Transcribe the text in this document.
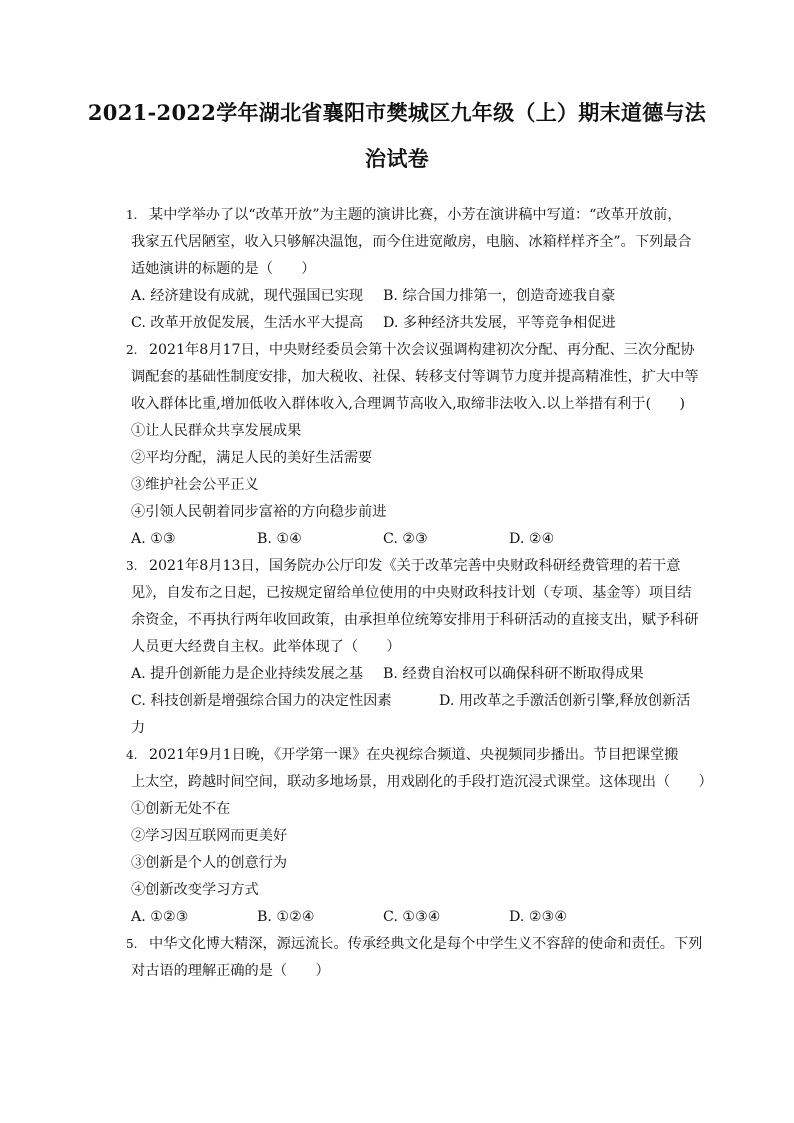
2021-2022学年湖北省襄阳市樊城区九年级（上）期末道德与法
治试卷
1. 某中学举办了以“改革开放”为主题的演讲比赛，小芳在演讲稿中写道：“改革开放前，
我家五代居陋室，收入只够解决温饱，而今住进宽敞房，电脑、冰箱样样齐全”。下列最合
适她演讲的标题的是（　　）
A. 经济建设有成就，现代强国已实现	B. 综合国力排第一，创造奇迹我自豪
C. 改革开放促发展，生活水平大提高	D. 多种经济共发展，平等竞争相促进
2. 2021年8月17日，中央财经委员会第十次会议强调构建初次分配、再分配、三次分配协
调配套的基础性制度安排，加大税收、社保、转移支付等调节力度并提高精准性，扩大中等
收入群体比重,增加低收入群体收入,合理调节高收入,取缔非法收入.以上举措有利于(　　)
①让人民群众共享发展成果
②平均分配，满足人民的美好生活需要
③维护社会公平正义
④引领人民朝着同步富裕的方向稳步前进
A. ①③	B. ①④	C. ②③	D. ②④
3. 2021年8月13日，国务院办公厅印发《关于改革完善中央财政科研经费管理的若干意
见》，自发布之日起，已按规定留给单位使用的中央财政科技计划（专项、基金等）项目结
余资金，不再执行两年收回政策，由承担单位统筹安排用于科研活动的直接支出，赋予科研
人员更大经费自主权。此举体现了（　　）
A. 提升创新能力是企业持续发展之基	B. 经费自治权可以确保科研不断取得成果
C. 科技创新是增强综合国力的决定性因素	D. 用改革之手激活创新引擎,释放创新活
力
4. 2021年9月1日晚，《开学第一课》在央视综合频道、央视频同步播出。节目把课堂搬
上太空，跨越时间空间，联动多地场景，用戏剧化的手段打造沉浸式课堂。这体现出（　　）
①创新无处不在
②学习因互联网而更美好
③创新是个人的创意行为
④创新改变学习方式
A. ①②③	B. ①②④	C. ①③④	D. ②③④
5. 中华文化博大精深，源远流长。传承经典文化是每个中学生义不容辞的使命和责任。下列
对古语的理解正确的是（　　）
